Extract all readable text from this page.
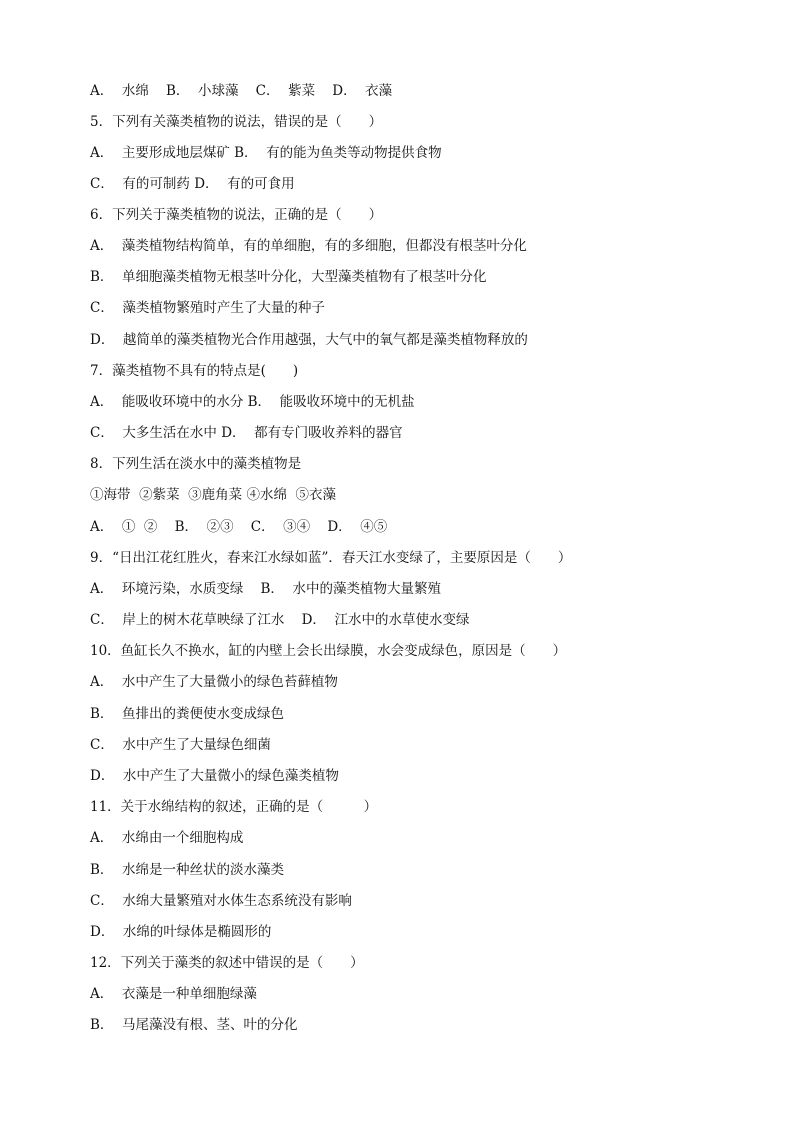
A．  水绵    B．  小球藻    C．  紫菜    D．  衣藻
5．下列有关藻类植物的说法，错误的是（　　）
A．  主要形成地层煤矿 B．  有的能为鱼类等动物提供食物
C．  有的可制药 D．  有的可食用
6．下列关于藻类植物的说法，正确的是（　　）
A．  藻类植物结构简单，有的单细胞，有的多细胞，但都没有根茎叶分化
B．  单细胞藻类植物无根茎叶分化，大型藻类植物有了根茎叶分化
C．  藻类植物繁殖时产生了大量的种子
D．  越简单的藻类植物光合作用越强，大气中的氧气都是藻类植物释放的
7．藻类植物不具有的特点是(　　)
A．  能吸收环境中的水分 B．  能吸收环境中的无机盐
C．  大多生活在水中 D．  都有专门吸收养料的器官
8．下列生活在淡水中的藻类植物是
①海带  ②紫菜  ③鹿角菜 ④水绵  ⑤衣藻
A．  ①  ②    B．  ②③    C．  ③④    D．  ④⑤
9．“日出江花红胜火，春来江水绿如蓝”．春天江水变绿了，主要原因是（　　）
A．  环境污染，水质变绿    B．  水中的藻类植物大量繁殖
C．  岸上的树木花草映绿了江水    D．  江水中的水草使水变绿
10．鱼缸长久不换水，缸的内壁上会长出绿膜，水会变成绿色，原因是（　　）
A．  水中产生了大量微小的绿色苔藓植物
B．  鱼排出的粪便使水变成绿色
C．  水中产生了大量绿色细菌
D．  水中产生了大量微小的绿色藻类植物
11．关于水绵结构的叙述，正确的是（　　　）
A．  水绵由一个细胞构成
B．  水绵是一种丝状的淡水藻类
C．  水绵大量繁殖对水体生态系统没有影响
D．  水绵的叶绿体是椭圆形的
12．下列关于藻类的叙述中错误的是（　　）
A．  衣藻是一种单细胞绿藻
B．  马尾藻没有根、茎、叶的分化
